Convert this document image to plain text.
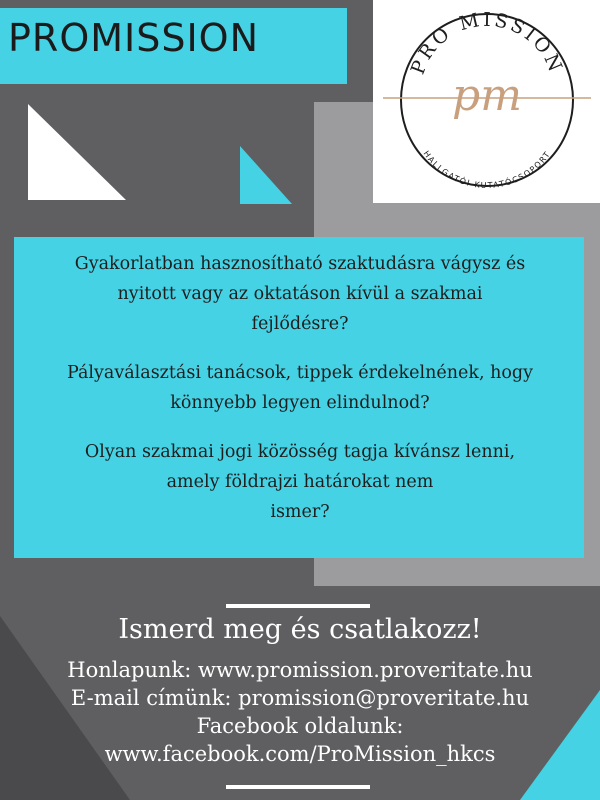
PROMISSION
PRO MISSION
pm
HALLGATÓI KUTATÓCSOPORT

Gyakorlatban hasznosítható szaktudásra vágysz és
nyitott vagy az oktatáson kívül a szakmai
fejlődésre?

Pályaválasztási tanácsok, tippek érdekelnének, hogy
könnyebb legyen elindulnod?

Olyan szakmai jogi közösség tagja kívánsz lenni,
amely földrajzi határokat nem
ismer?

Ismerd meg és csatlakozz!
Honlapunk: www.promission.proveritate.hu
E-mail címünk: promission@proveritate.hu
Facebook oldalunk:
www.facebook.com/ProMission_hkcs
